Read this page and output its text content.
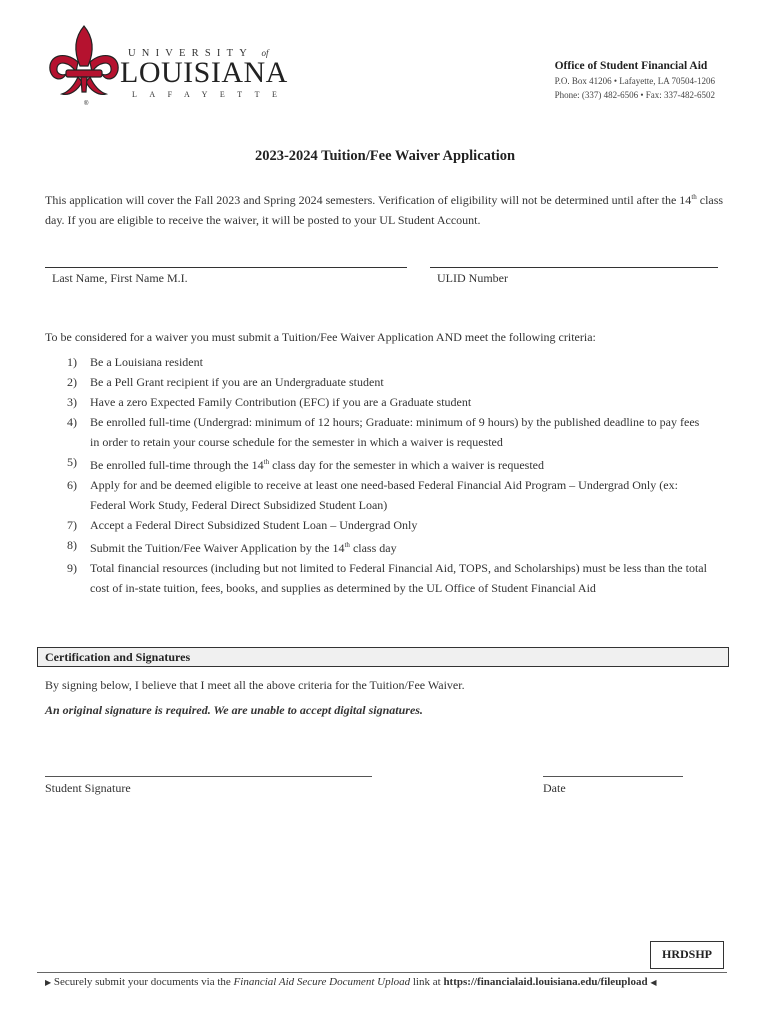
®
UNIVERSITY of
LOUISIANA
LAFAYETTE
Office of Student Financial Aid
P.O. Box 41206 • Lafayette, LA 70504-1206
Phone: (337) 482-6506 • Fax: 337-482-6502
2023-2024 Tuition/Fee Waiver Application
This application will cover the Fall 2023 and Spring 2024 semesters. Verification of eligibility will not be determined until after the 14th class day. If you are eligible to receive the waiver, it will be posted to your UL Student Account.
Last Name, First Name M.I.	ULID Number
To be considered for a waiver you must submit a Tuition/Fee Waiver Application AND meet the following criteria:
1) Be a Louisiana resident
2) Be a Pell Grant recipient if you are an Undergraduate student
3) Have a zero Expected Family Contribution (EFC) if you are a Graduate student
4) Be enrolled full-time (Undergrad: minimum of 12 hours; Graduate: minimum of 9 hours) by the published deadline to pay fees in order to retain your course schedule for the semester in which a waiver is requested
5) Be enrolled full-time through the 14th class day for the semester in which a waiver is requested
6) Apply for and be deemed eligible to receive at least one need-based Federal Financial Aid Program – Undergrad Only (ex: Federal Work Study, Federal Direct Subsidized Student Loan)
7) Accept a Federal Direct Subsidized Student Loan – Undergrad Only
8) Submit the Tuition/Fee Waiver Application by the 14th class day
9) Total financial resources (including but not limited to Federal Financial Aid, TOPS, and Scholarships) must be less than the total cost of in-state tuition, fees, books, and supplies as determined by the UL Office of Student Financial Aid
Certification and Signatures
By signing below, I believe that I meet all the above criteria for the Tuition/Fee Waiver.
An original signature is required. We are unable to accept digital signatures.
Student Signature	Date
HRDSHP
▶ Securely submit your documents via the Financial Aid Secure Document Upload link at https://financialaid.louisiana.edu/fileupload ◀
